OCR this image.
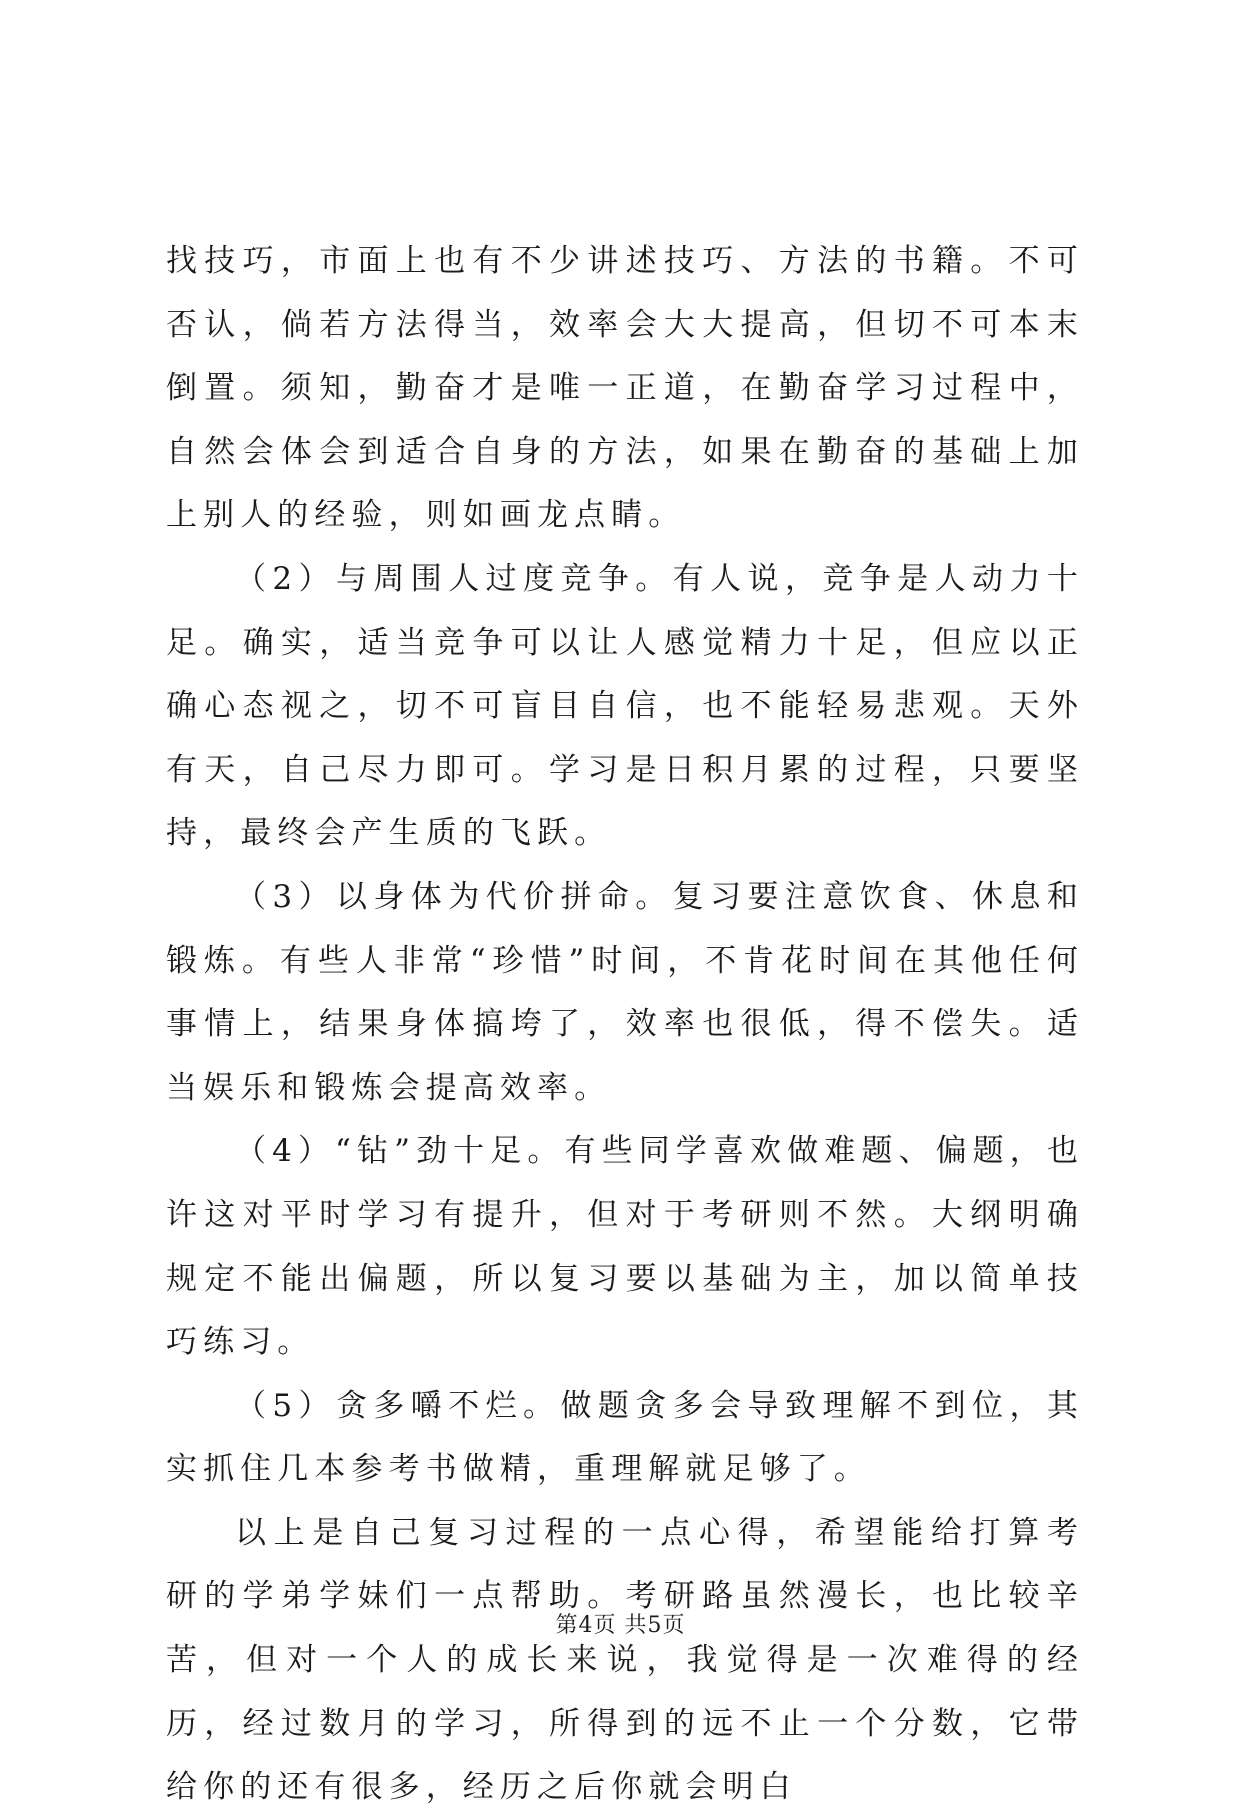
找技巧，市面上也有不少讲述技巧、方法的书籍。不可否认，倘若方法得当，效率会大大提高，但切不可本末倒置。须知，勤奋才是唯一正道，在勤奋学习过程中，自然会体会到适合自身的方法，如果在勤奋的基础上加上别人的经验，则如画龙点睛。

（2）与周围人过度竞争。有人说，竞争是人动力十足。确实，适当竞争可以让人感觉精力十足，但应以正确心态视之，切不可盲目自信，也不能轻易悲观。天外有天，自己尽力即可。学习是日积月累的过程，只要坚持，最终会产生质的飞跃。

（3）以身体为代价拼命。复习要注意饮食、休息和锻炼。有些人非常“珍惜”时间，不肯花时间在其他任何事情上，结果身体搞垮了，效率也很低，得不偿失。适当娱乐和锻炼会提高效率。

（4）“钻”劲十足。有些同学喜欢做难题、偏题，也许这对平时学习有提升，但对于考研则不然。大纲明确规定不能出偏题，所以复习要以基础为主，加以简单技巧练习。

（5）贪多嚼不烂。做题贪多会导致理解不到位，其实抓住几本参考书做精，重理解就足够了。

以上是自己复习过程的一点心得，希望能给打算考研的学弟学妹们一点帮助。考研路虽然漫长，也比较辛苦，但对一个人的成长来说，我觉得是一次难得的经历，经过数月的学习，所得到的远不止一个分数，它带给你的还有很多，经历之后你就会明白

第4页 共5页
